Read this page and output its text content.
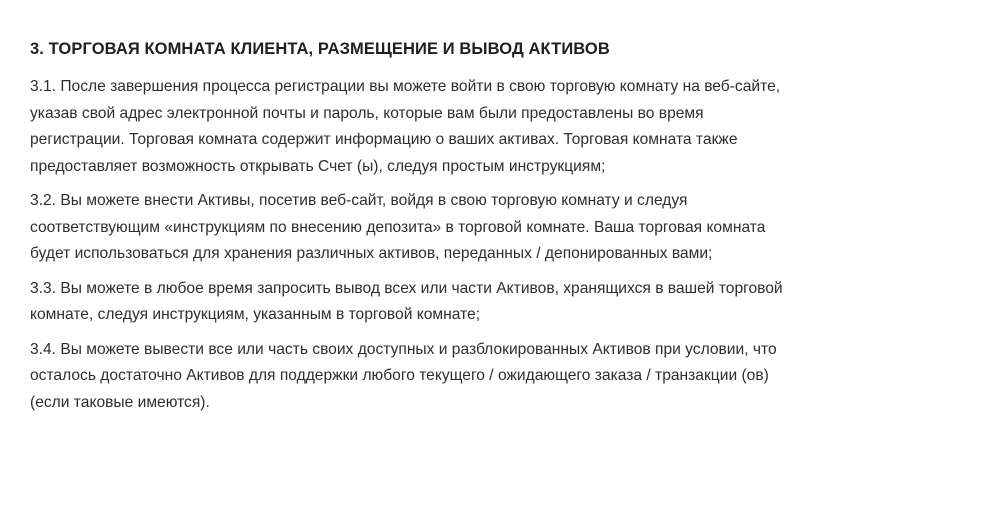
3. ТОРГОВАЯ КОМНАТА КЛИЕНТА, РАЗМЕЩЕНИЕ И ВЫВОД АКТИВОВ
3.1. После завершения процесса регистрации вы можете войти в свою торговую комнату на веб-сайте,
указав свой адрес электронной почты и пароль, которые вам были предоставлены во время
регистрации. Торговая комната содержит информацию о ваших активах. Торговая комната также
предоставляет возможность открывать Счет (ы), следуя простым инструкциям;
3.2. Вы можете внести Активы, посетив веб-сайт, войдя в свою торговую комнату и следуя
соответствующим «инструкциям по внесению депозита» в торговой комнате. Ваша торговая комната
будет использоваться для хранения различных активов, переданных / депонированных вами;
3.3. Вы можете в любое время запросить вывод всех или части Активов, хранящихся в вашей торговой
комнате, следуя инструкциям, указанным в торговой комнате;
3.4. Вы можете вывести все или часть своих доступных и разблокированных Активов при условии, что
осталось достаточно Активов для поддержки любого текущего / ожидающего заказа / транзакции (ов)
(если таковые имеются).
